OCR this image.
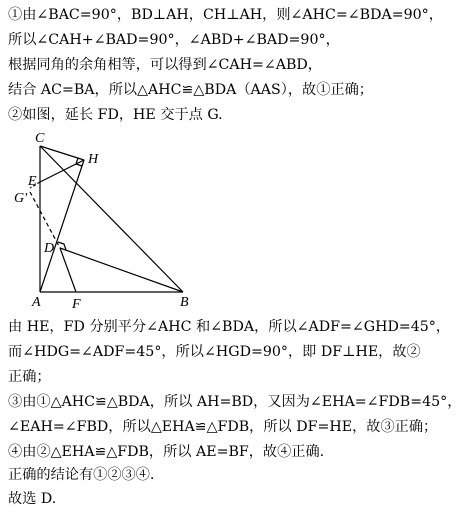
①由∠BAC=90°，BD⊥AH，CH⊥AH，则∠AHC=∠BDA=90°，
所以∠CAH+∠BAD=90°，∠ABD+∠BAD=90°，
根据同角的余角相等，可以得到∠CAH=∠ABD，
结合 AC=BA，所以△AHC≌△BDA（AAS），故①正确；
②如图，延长 FD，HE 交于点 G.
C
H
E
G'
D
A F	B
由 HE，FD 分别平分∠AHC 和∠BDA，所以∠ADF=∠GHD=45°，
而∠HDG=∠ADF=45°，所以∠HGD=90°，即 DF⊥HE，故②
正确；
③由①△AHC≌△BDA，所以 AH=BD，又因为∠EHA=∠FDB=45°，
∠EAH=∠FBD，所以△EHA≌△FDB，所以 DF=HE，故③正确；
④由②△EHA≌△FDB，所以 AE=BF，故④正确.
正确的结论有①②③④.
故选 D.
